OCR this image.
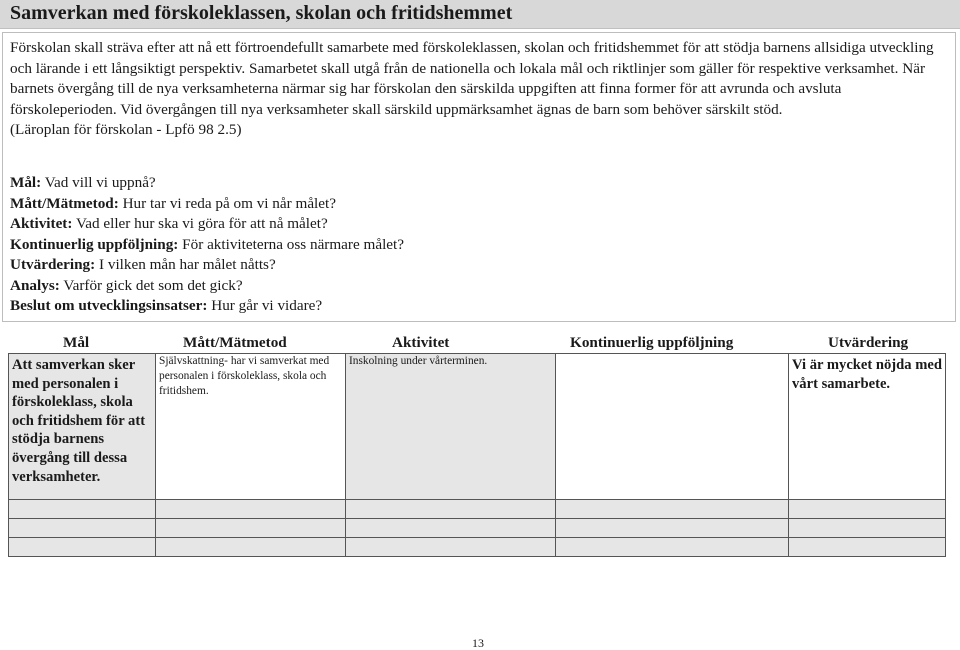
Samverkan med förskoleklassen, skolan och fritidshemmet

Förskolan skall sträva efter att nå ett förtroendefullt samarbete med förskoleklassen, skolan och fritidshemmet för att stödja barnens allsidiga utveckling och lärande i ett långsiktigt perspektiv. Samarbetet skall utgå från de nationella och lokala mål och riktlinjer som gäller för respektive verksamhet. När barnets övergång till de nya verksamheterna närmar sig har förskolan den särskilda uppgiften att finna former för att avrunda och avsluta förskoleperioden. Vid övergången till nya verksamheter skall särskild uppmärksamhet ägnas de barn som behöver särskilt stöd.

(Läroplan för förskolan - Lpfö 98 2.5)

Mål: Vad vill vi uppnå?
Mått/Mätmetod: Hur tar vi reda på om vi når målet?
Aktivitet: Vad eller hur ska vi göra för att nå målet?
Kontinuerlig uppföljning: För aktiviteterna oss närmare målet?
Utvärdering: I vilken mån har målet nåtts?
Analys: Varför gick det som det gick?
Beslut om utvecklingsinsatser: Hur går vi vidare?
Mål	Mått/Mätmetod	Aktivitet	Kontinuerlig uppföljning	Utvärdering
Att samverkan sker med personalen i förskoleklass, skola och fritidshem för att stödja barnens övergång till dessa verksamheter.	Självskattning- har vi samverkat med personalen i förskoleklass, skola och fritidshem.	Inskolning under vårterminen.		Vi är mycket nöjda med vårt samarbete.

13
